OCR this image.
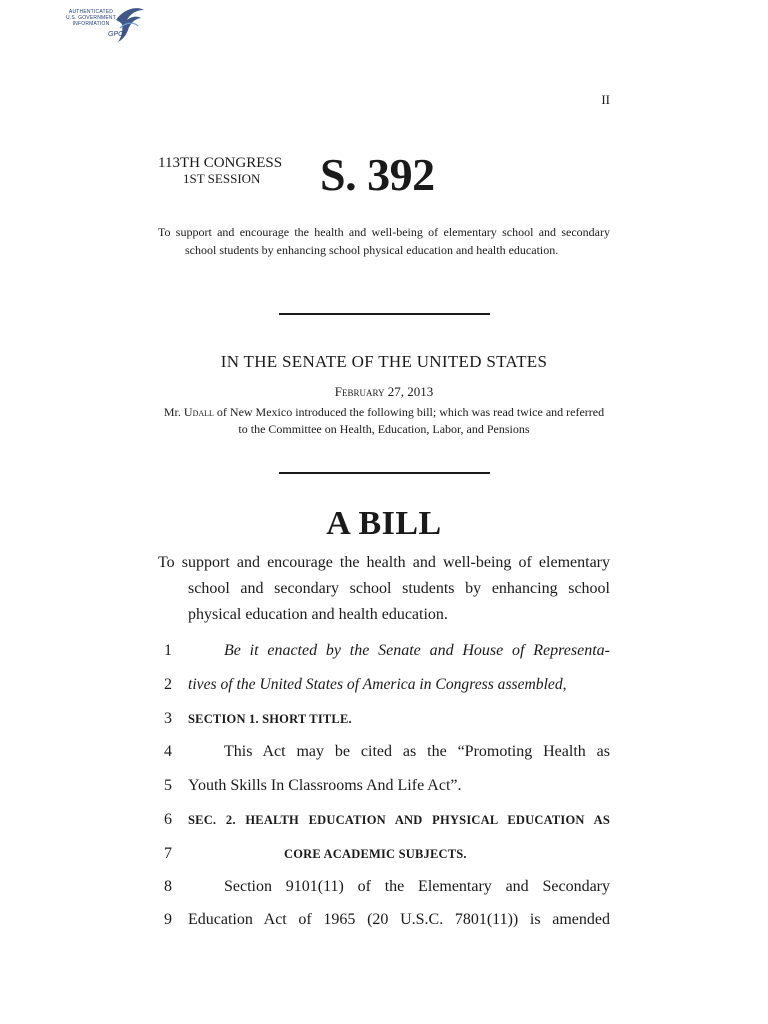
AUTHENTICATED
U.S. GOVERNMENT
INFORMATION
GPO
II
113TH CONGRESS
1ST SESSION S. 392
To support and encourage the health and well-being of elementary school and secondary school students by enhancing school physical education and health education.
IN THE SENATE OF THE UNITED STATES
February 27, 2013
Mr. Udall of New Mexico introduced the following bill; which was read twice and referred to the Committee on Health, Education, Labor, and Pensions
A BILL
To support and encourage the health and well-being of elementary school and secondary school students by enhancing school physical education and health education.
1	Be it enacted by the Senate and House of Representa-
2 tives of the United States of America in Congress assembled,
3	SECTION 1. SHORT TITLE.
4	This Act may be cited as the “Promoting Health as
5 Youth Skills In Classrooms And Life Act”.
6	SEC. 2. HEALTH EDUCATION AND PHYSICAL EDUCATION AS
7	CORE ACADEMIC SUBJECTS.
8	Section 9101(11) of the Elementary and Secondary
9 Education Act of 1965 (20 U.S.C. 7801(11)) is amended
